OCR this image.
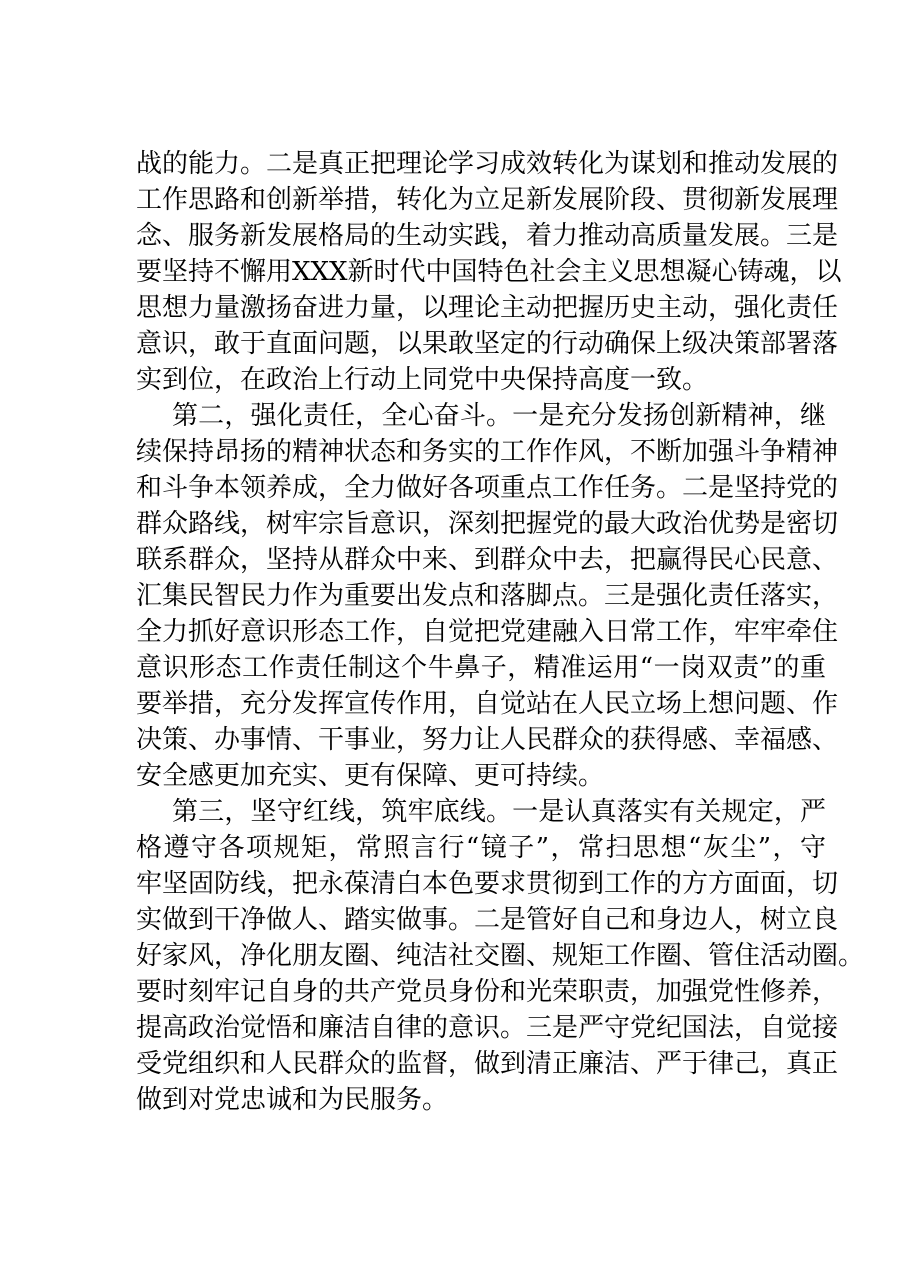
战的能力。二是真正把理论学习成效转化为谋划和推动发展的
工作思路和创新举措，转化为立足新发展阶段、贯彻新发展理
念、服务新发展格局的生动实践，着力推动高质量发展。三是
要坚持不懈用XXX新时代中国特色社会主义思想凝心铸魂，以
思想力量激扬奋进力量，以理论主动把握历史主动，强化责任
意识，敢于直面问题，以果敢坚定的行动确保上级决策部署落
实到位，在政治上行动上同党中央保持高度一致。
第二，强化责任，全心奋斗。一是充分发扬创新精神，继
续保持昂扬的精神状态和务实的工作作风，不断加强斗争精神
和斗争本领养成，全力做好各项重点工作任务。二是坚持党的
群众路线，树牢宗旨意识，深刻把握党的最大政治优势是密切
联系群众，坚持从群众中来、到群众中去，把赢得民心民意、
汇集民智民力作为重要出发点和落脚点。三是强化责任落实，
全力抓好意识形态工作，自觉把党建融入日常工作，牢牢牵住
意识形态工作责任制这个牛鼻子，精准运用“一岗双责”的重
要举措，充分发挥宣传作用，自觉站在人民立场上想问题、作
决策、办事情、干事业，努力让人民群众的获得感、幸福感、
安全感更加充实、更有保障、更可持续。
第三，坚守红线，筑牢底线。一是认真落实有关规定，严
格遵守各项规矩，常照言行“镜子”，常扫思想“灰尘”，守
牢坚固防线，把永葆清白本色要求贯彻到工作的方方面面，切
实做到干净做人、踏实做事。二是管好自己和身边人，树立良
好家风，净化朋友圈、纯洁社交圈、规矩工作圈、管住活动圈。
要时刻牢记自身的共产党员身份和光荣职责，加强党性修养，
提高政治觉悟和廉洁自律的意识。三是严守党纪国法，自觉接
受党组织和人民群众的监督，做到清正廉洁、严于律己，真正
做到对党忠诚和为民服务。
